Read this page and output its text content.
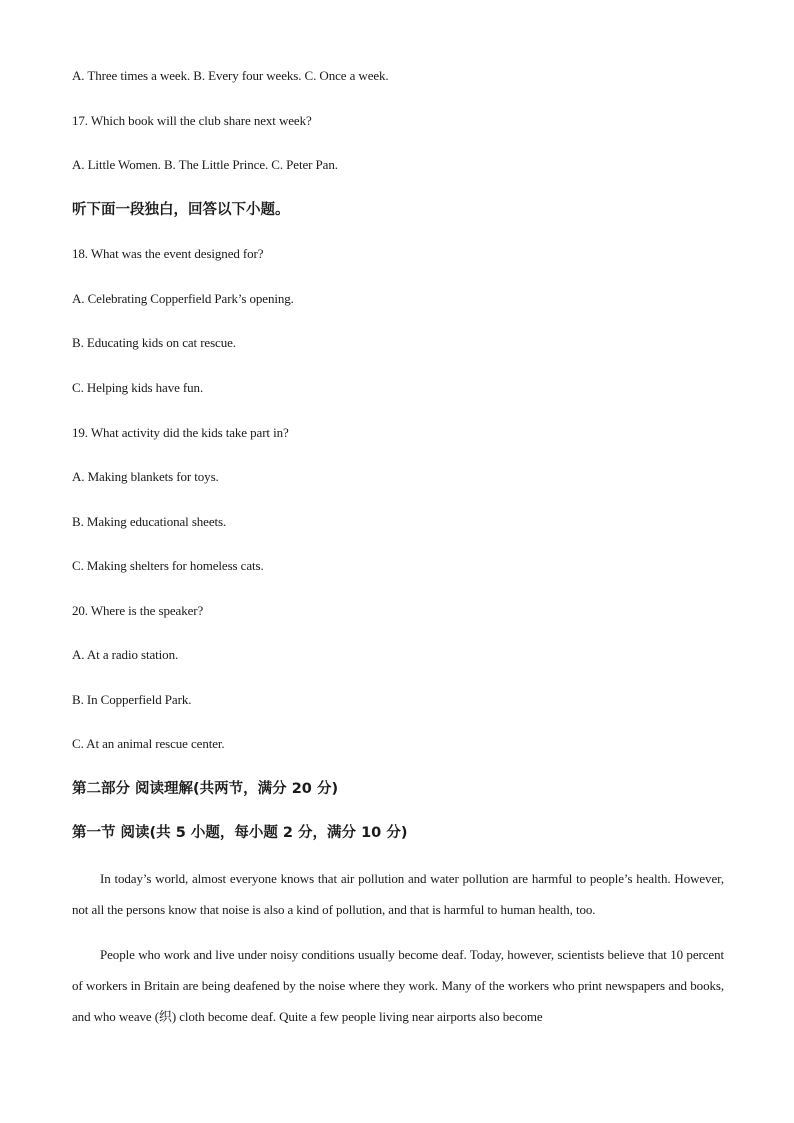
A. Three times a week. B. Every four weeks. C. Once a week.
17. Which book will the club share next week?
A. Little Women. B. The Little Prince. C. Peter Pan.
听下面一段独白，回答以下小题。
18. What was the event designed for?
A. Celebrating Copperfield Park’s opening.
B. Educating kids on cat rescue.
C. Helping kids have fun.
19. What activity did the kids take part in?
A. Making blankets for toys.
B. Making educational sheets.
C. Making shelters for homeless cats.
20. Where is the speaker?
A. At a radio station.
B. In Copperfield Park.
C. At an animal rescue center.
第二部分 阅读理解(共两节，满分 20 分)
第一节 阅读(共 5 小题，每小题 2 分，满分 10 分)
In today’s world, almost everyone knows that air pollution and water pollution are harmful to people’s health. However, not all the persons know that noise is also a kind of pollution, and that is harmful to human health, too.
People who work and live under noisy conditions usually become deaf. Today, however, scientists believe that 10 percent of workers in Britain are being deafened by the noise where they work. Many of the workers who print newspapers and books, and who weave (织) cloth become deaf. Quite a few people living near airports also become
